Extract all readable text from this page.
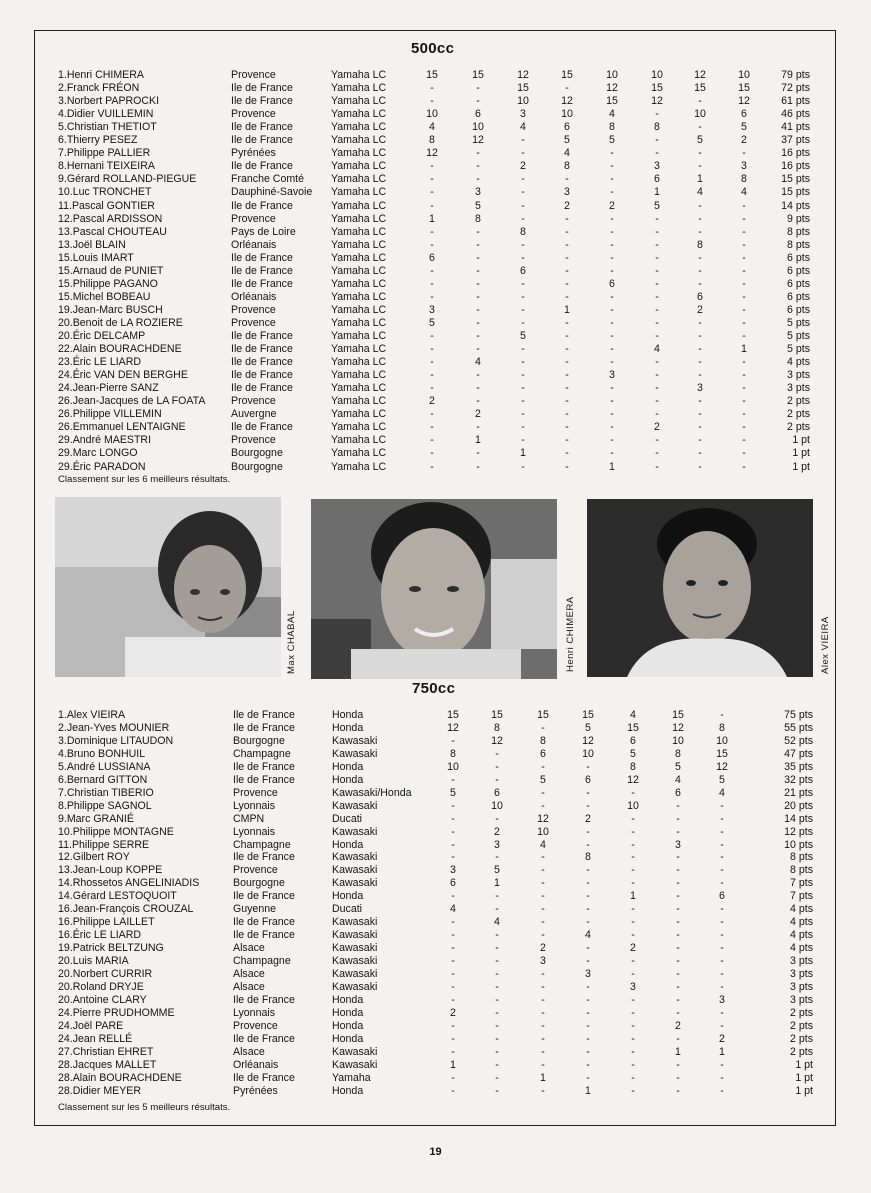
500cc
1.Henri CHIMERA	Provence	Yamaha LC	15	15	12	15	10	10	12	10	79 pts
2.Franck FRÉON	Ile de France	Yamaha LC	-	-	15	-	12	15	15	15	72 pts
3.Norbert PAPROCKI	Ile de France	Yamaha LC	-	-	10	12	15	12	-	12	61 pts
4.Didier VUILLEMIN	Provence	Yamaha LC	10	6	3	10	4	-	10	6	46 pts
5.Christian THETIOT	Ile de France	Yamaha LC	4	10	4	6	8	8	-	5	41 pts
6.Thierry PESEZ	Ile de France	Yamaha LC	8	12	-	5	5	-	5	2	37 pts
7.Philippe PALLIER	Pyrénées	Yamaha LC	12	-	-	4	-	-	-	-	16 pts
8.Hernani TEIXEIRA	Ile de France	Yamaha LC	-	-	2	8	-	3	-	3	16 pts
9.Gérard ROLLAND-PIEGUE	Franche Comté	Yamaha LC	-	-	-	-	-	6	1	8	15 pts
10.Luc TRONCHET	Dauphiné-Savoie Yamaha LC	-	3	-	3	-	1	4	4	15 pts
11.Pascal GONTIER	Ile de France	Yamaha LC	-	5	-	2	2	5	-	-	14 pts
12.Pascal ARDISSON	Provence	Yamaha LC	1	8	-	-	-	-	-	-	9 pts
13.Pascal CHOUTEAU	Pays de Loire	Yamaha LC	-	-	8	-	-	-	-	-	8 pts
13.Joël BLAIN	Orléanais	Yamaha LC	-	-	-	-	-	-	8	-	8 pts
15.Louis IMART	Ile de France	Yamaha LC	6	-	-	-	-	-	-	-	6 pts
15.Arnaud de PUNIET	Ile de France	Yamaha LC	-	-	6	-	-	-	-	-	6 pts
15.Philippe PAGANO	Ile de France	Yamaha LC	-	-	-	-	6	-	-	-	6 pts
15.Michel BOBEAU	Orléanais	Yamaha LC	-	-	-	-	-	-	6	-	6 pts
19.Jean-Marc BUSCH	Provence	Yamaha LC	3	-	-	1	-	-	2	-	6 pts
20.Benoit de LA ROZIERE	Provence	Yamaha LC	5	-	-	-	-	-	-	-	5 pts
20.Éric DELCAMP	Ile de France	Yamaha LC	-	-	5	-	-	-	-	-	5 pts
22.Alain BOURACHDENE	Ile de France	Yamaha LC	-	-	-	-	-	4	-	1	5 pts
23.Éric LE LIARD	Ile de France	Yamaha LC	-	4	-	-	-	-	-	-	4 pts
24.Éric VAN DEN BERGHE	Ile de France	Yamaha LC	-	-	-	-	3	-	-	-	3 pts
24.Jean-Pierre SANZ	Ile de France	Yamaha LC	-	-	-	-	-	-	3	-	3 pts
26.Jean-Jacques de LA FOATA Provence	Yamaha LC	2	-	-	-	-	-	-	-	2 pts
26.Philippe VILLEMIN	Auvergne	Yamaha LC	-	2	-	-	-	-	-	-	2 pts
26.Emmanuel LENTAIGNE	Ile de France	Yamaha LC	-	-	-	-	-	2	-	-	2 pts
29.André MAESTRI	Provence	Yamaha LC	-	1	-	-	-	-	-	-	1 pt
29.Marc LONGO	Bourgogne	Yamaha LC	-	-	1	-	-	-	-	-	1 pt
29.Éric PARADON	Bourgogne	Yamaha LC	-	-	-	-	1	-	-	-	1 pt
Classement sur les 6 meilleurs résultats.
Max CHABAL	Henri CHIMERA	Alex VIEIRA
750cc
1.Alex VIEIRA	Ile de France	Honda	15	15	15	15	4	15	-	75 pts
2.Jean-Yves MOUNIER	Ile de France	Honda	12	8	-	5	15	12	8	55 pts
3.Dominique LITAUDON	Bourgogne	Kawasaki	-	12	8	12	6	10	10	52 pts
4.Bruno BONHUIL	Champagne	Kawasaki	8	-	6	10	5	8	15	47 pts
5.André LUSSIANA	Ile de France	Honda	10	-	-	-	8	5	12	35 pts
6.Bernard GITTON	Ile de France	Honda	-	-	5	6	12	4	5	32 pts
7.Christian TIBERIO	Provence	Kawasaki/Honda	5	6	-	-	-	6	4	21 pts
8.Philippe SAGNOL	Lyonnais	Kawasaki	-	10	-	-	10	-	-	20 pts
9.Marc GRANIÉ	CMPN	Ducati	-	-	12	2	-	-	-	14 pts
10.Philippe MONTAGNE	Lyonnais	Kawasaki	-	2	10	-	-	-	-	12 pts
11.Philippe SERRE	Champagne	Honda	-	3	4	-	-	3	-	10 pts
12.Gilbert ROY	Ile de France	Kawasaki	-	-	-	8	-	-	-	8 pts
13.Jean-Loup KOPPE	Provence	Kawasaki	3	5	-	-	-	-	-	8 pts
14.Rhossetos ANGELINIADIS	Bourgogne	Kawasaki	6	1	-	-	-	-	-	7 pts
14.Gérard LESTOQUOIT	Ile de France	Honda	-	-	-	-	1	-	6	7 pts
16.Jean-François CROUZAL	Guyenne	Ducati	4	-	-	-	-	-	-	4 pts
16.Philippe LAILLET	Ile de France	Kawasaki	-	4	-	-	-	-	-	4 pts
16.Éric LE LIARD	Ile de France	Kawasaki	-	-	-	4	-	-	-	4 pts
19.Patrick BELTZUNG	Alsace	Kawasaki	-	-	2	-	2	-	-	4 pts
20.Luis MARIA	Champagne	Kawasaki	-	-	3	-	-	-	-	3 pts
20.Norbert CURRIR	Alsace	Kawasaki	-	-	-	3	-	-	-	3 pts
20.Roland DRYJE	Alsace	Kawasaki	-	-	-	-	3	-	-	3 pts
20.Antoine CLARY	Ile de France	Honda	-	-	-	-	-	-	3	3 pts
24.Pierre PRUDHOMME	Lyonnais	Honda	2	-	-	-	-	-	-	2 pts
24.Joël PARE	Provence	Honda	-	-	-	-	-	2	-	2 pts
24.Jean RELLÉ	Ile de France	Honda	-	-	-	-	-	-	2	2 pts
27.Christian EHRET	Alsace	Kawasaki	-	-	-	-	-	1	1	2 pts
28.Jacques MALLET	Orléanais	Kawasaki	1	-	-	-	-	-	-	1 pt
28.Alain BOURACHDENE	Ile de France	Yamaha	-	-	1	-	-	-	-	1 pt
28.Didier MEYER	Pyrénées	Honda	-	-	-	1	-	-	-	1 pt
Classement sur les 5 meilleurs résultats.
19
